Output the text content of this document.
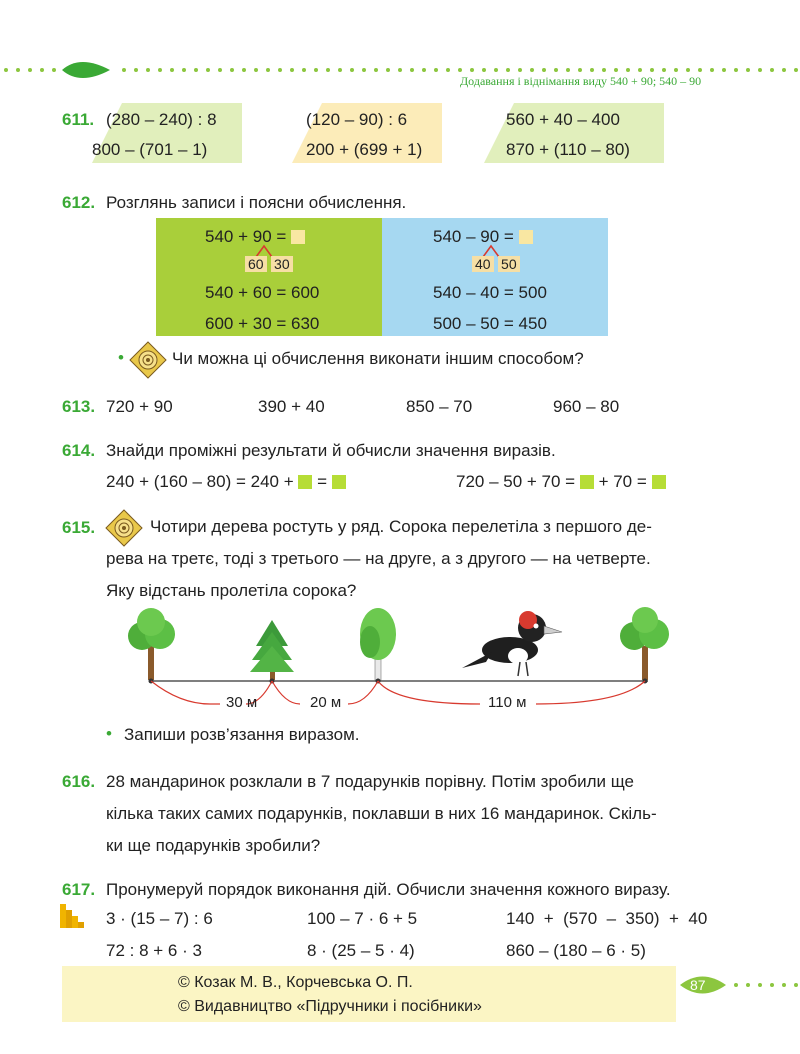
Додавання і віднімання виду 540 + 90; 540 – 90
611. (280 – 240) : 8
800 – (701 – 1)
(120 – 90) : 6
200 + (699 + 1)
560 + 40 – 400
870 + (110 – 80)
612. Розглянь записи і поясни обчислення.
540 + 90 =
60 30
540 + 60 = 600
600 + 30 = 630
540 – 90 =
40 50
540 – 40 = 500
500 – 50 = 450
•	Чи можна ці обчислення виконати іншим способом?
613. 720 + 90	390 + 40	850 – 70	960 – 80
614. Знайди проміжні результати й обчисли значення виразів.
240 + (160 – 80) = 240 + =	720 – 50 + 70 = + 70 =
615.	Чотири дерева ростуть у ряд. Сорока перелетіла з першого де-
рева на третє, тоді з третього — на друге, а з другого — на четверте.
Яку відстань пролетіла сорока?
30 м	20 м	110 м
• Запиши розв’язання виразом.
616. 28 мандаринок розклали в 7 подарунків порівну. Потім зробили ще
кілька таких самих подарунків, поклавши в них 16 мандаринок. Скіль-
ки ще подарунків зробили?
617. Пронумеруй порядок виконання дій. Обчисли значення кожного виразу.
3 · (15 – 7) : 6	100 – 7 · 6 + 5	140  +  (570  –  350)  +  40
72 : 8 + 6 · 3	8 · (25 – 5 · 4)	860 – (180 – 6 · 5)
© Козак М. В., Корчевська О. П.
© Видавництво «Підручники і посібники»
87
